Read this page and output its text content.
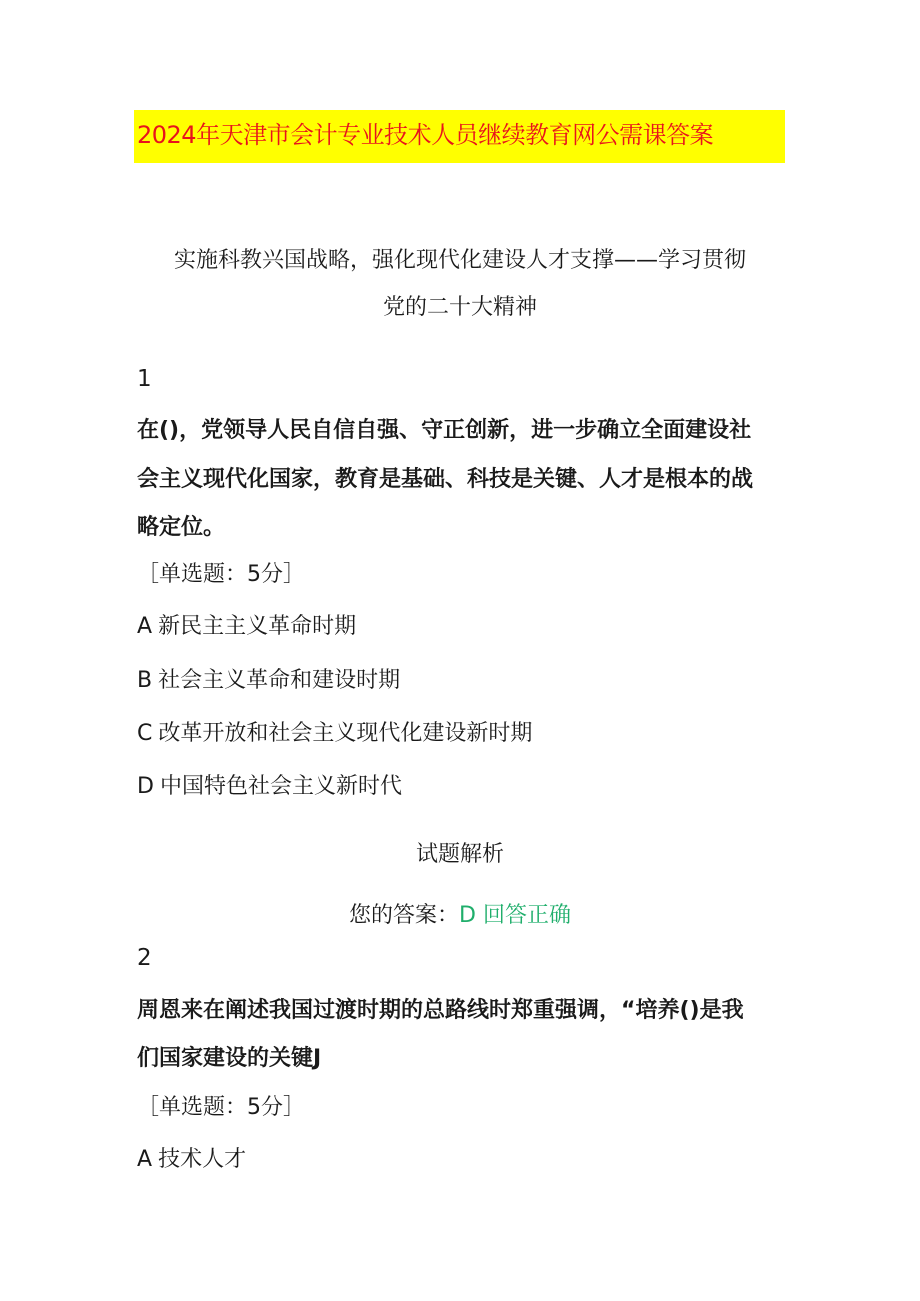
2024年天津市会计专业技术人员继续教育网公需课答案
实施科教兴国战略，强化现代化建设人才支撑——学习贯彻
党的二十大精神
1
在()，党领导人民自信自强、守正创新，进一步确立全面建设社
会主义现代化国家，教育是基础、科技是关键、人才是根本的战
略定位。
［单选题：5分］
A 新民主主义革命时期
B 社会主义革命和建设时期
C 改革开放和社会主义现代化建设新时期
D 中国特色社会主义新时代
试题解析
您的答案：D 回答正确
2
周恩来在阐述我国过渡时期的总路线时郑重强调，“培养()是我
们国家建设的关键J
［单选题：5分］
A 技术人才
